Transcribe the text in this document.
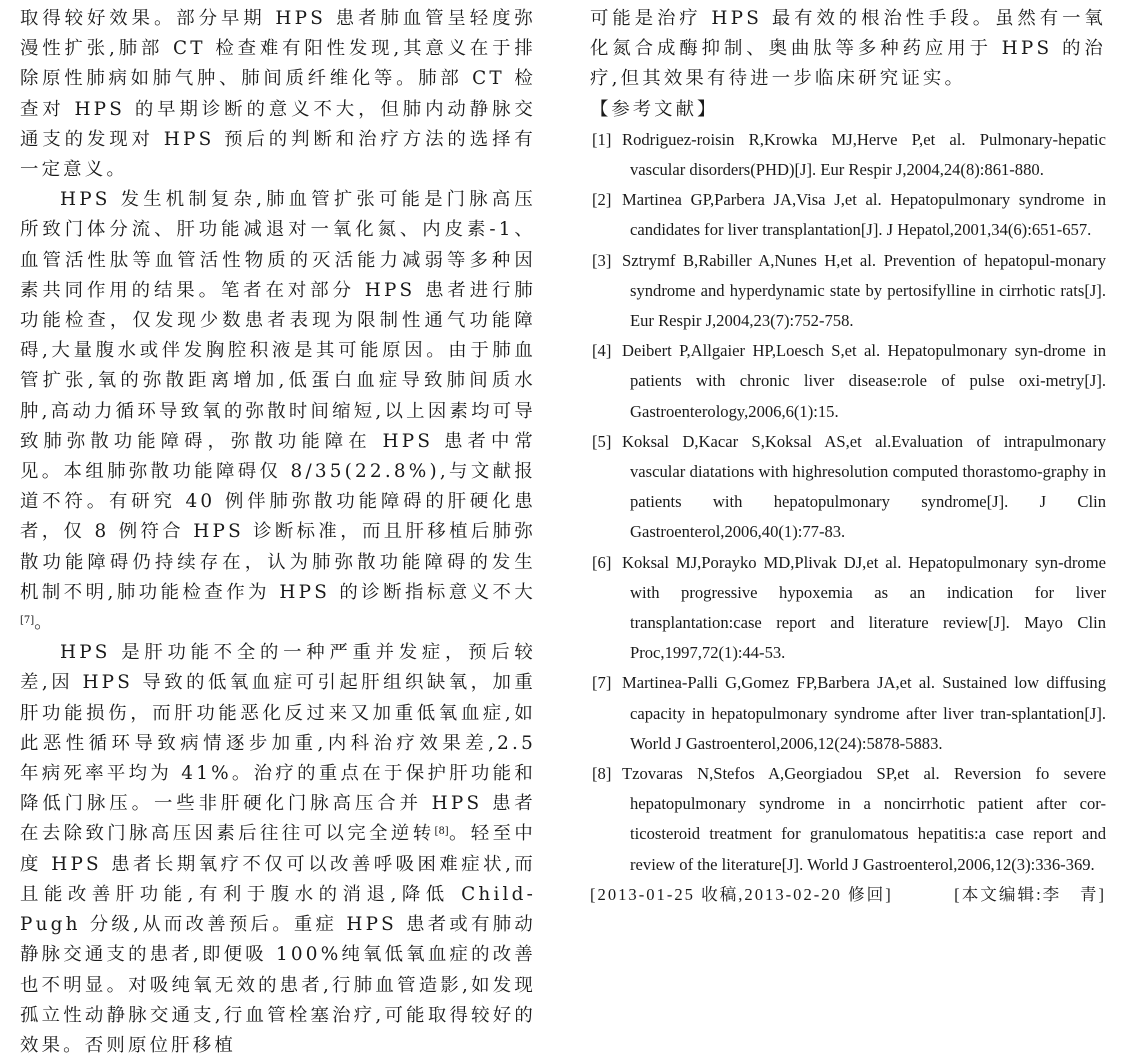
取得较好效果。部分早期 HPS 患者肺血管呈轻度弥漫性扩张,肺部 CT 检查难有阳性发现,其意义在于排除原性肺病如肺气肿、肺间质纤维化等。肺部 CT 检查对 HPS 的早期诊断的意义不大，但肺内动静脉交通支的发现对 HPS 预后的判断和治疗方法的选择有一定意义。

HPS 发生机制复杂,肺血管扩张可能是门脉高压所致门体分流、肝功能减退对一氧化氮、内皮素-1、血管活性肽等血管活性物质的灭活能力减弱等多种因素共同作用的结果。笔者在对部分 HPS 患者进行肺功能检查，仅发现少数患者表现为限制性通气功能障碍,大量腹水或伴发胸腔积液是其可能原因。由于肺血管扩张,氧的弥散距离增加,低蛋白血症导致肺间质水肿,高动力循环导致氧的弥散时间缩短,以上因素均可导致肺弥散功能障碍，弥散功能障在 HPS 患者中常见。本组肺弥散功能障碍仅 8/35(22.8%),与文献报道不符。有研究 40 例伴肺弥散功能障碍的肝硬化患者，仅 8 例符合 HPS 诊断标准，而且肝移植后肺弥散功能障碍仍持续存在，认为肺弥散功能障碍的发生机制不明,肺功能检查作为 HPS 的诊断指标意义不大[7]。

HPS 是肝功能不全的一种严重并发症，预后较差,因 HPS 导致的低氧血症可引起肝组织缺氧，加重肝功能损伤，而肝功能恶化反过来又加重低氧血症,如此恶性循环导致病情逐步加重,内科治疗效果差,2.5 年病死率平均为 41%。治疗的重点在于保护肝功能和降低门脉压。一些非肝硬化门脉高压合并 HPS 患者在去除致门脉高压因素后往往可以完全逆转[8]。轻至中度 HPS 患者长期氧疗不仅可以改善呼吸困难症状,而且能改善肝功能,有利于腹水的消退,降低 Child-Pugh 分级,从而改善预后。重症 HPS 患者或有肺动静脉交通支的患者,即便吸 100%纯氧低氧血症的改善也不明显。对吸纯氧无效的患者,行肺血管造影,如发现孤立性动静脉交通支,行血管栓塞治疗,可能取得较好的效果。否则原位肝移植

可能是治疗 HPS 最有效的根治性手段。虽然有一氧化氮合成酶抑制、奥曲肽等多种药应用于 HPS 的治疗,但其效果有待进一步临床研究证实。

【参考文献】

[1] Rodriguez-roisin R,Krowka MJ,Herve P,et al. Pulmonary-hepatic vascular disorders(PHD)[J]. Eur Respir J,2004,24(8):861-880.

[2] Martinea GP,Parbera JA,Visa J,et al. Hepatopulmonary syndrome in candidates for liver transplantation[J]. J Hepatol,2001,34(6):651-657.

[3] Sztrymf B,Rabiller A,Nunes H,et al. Prevention of hepatopul-monary syndrome and hyperdynamic state by pertosifylline in cirrhotic rats[J]. Eur Respir J,2004,23(7):752-758.

[4] Deibert P,Allgaier HP,Loesch S,et al. Hepatopulmonary syn-drome in patients with chronic liver disease:role of pulse oxi-metry[J]. Gastroenterology,2006,6(1):15.

[5] Koksal D,Kacar S,Koksal AS,et al.Evaluation of intrapulmonary vascular diatations with highresolution computed thorastomo-graphy in patients with hepatopulmonary syndrome[J]. J Clin Gastroenterol,2006,40(1):77-83.

[6] Koksal MJ,Porayko MD,Plivak DJ,et al. Hepatopulmonary syn-drome with progressive hypoxemia as an indication for liver transplantation:case report and literature review[J]. Mayo Clin Proc,1997,72(1):44-53.

[7] Martinea-Palli G,Gomez FP,Barbera JA,et al. Sustained low diffusing capacity in hepatopulmonary syndrome after liver tran-splantation[J]. World J Gastroenterol,2006,12(24):5878-5883.

[8] Tzovaras N,Stefos A,Georgiadou SP,et al. Reversion fo severe hepatopulmonary syndrome in a noncirrhotic patient after cor-ticosteroid treatment for granulomatous hepatitis:a case report and review of the literature[J]. World J Gastroenterol,2006,12(3):336-369.

[2013-01-25 收稿,2013-02-20 修回]	[本文编辑:李　青]
